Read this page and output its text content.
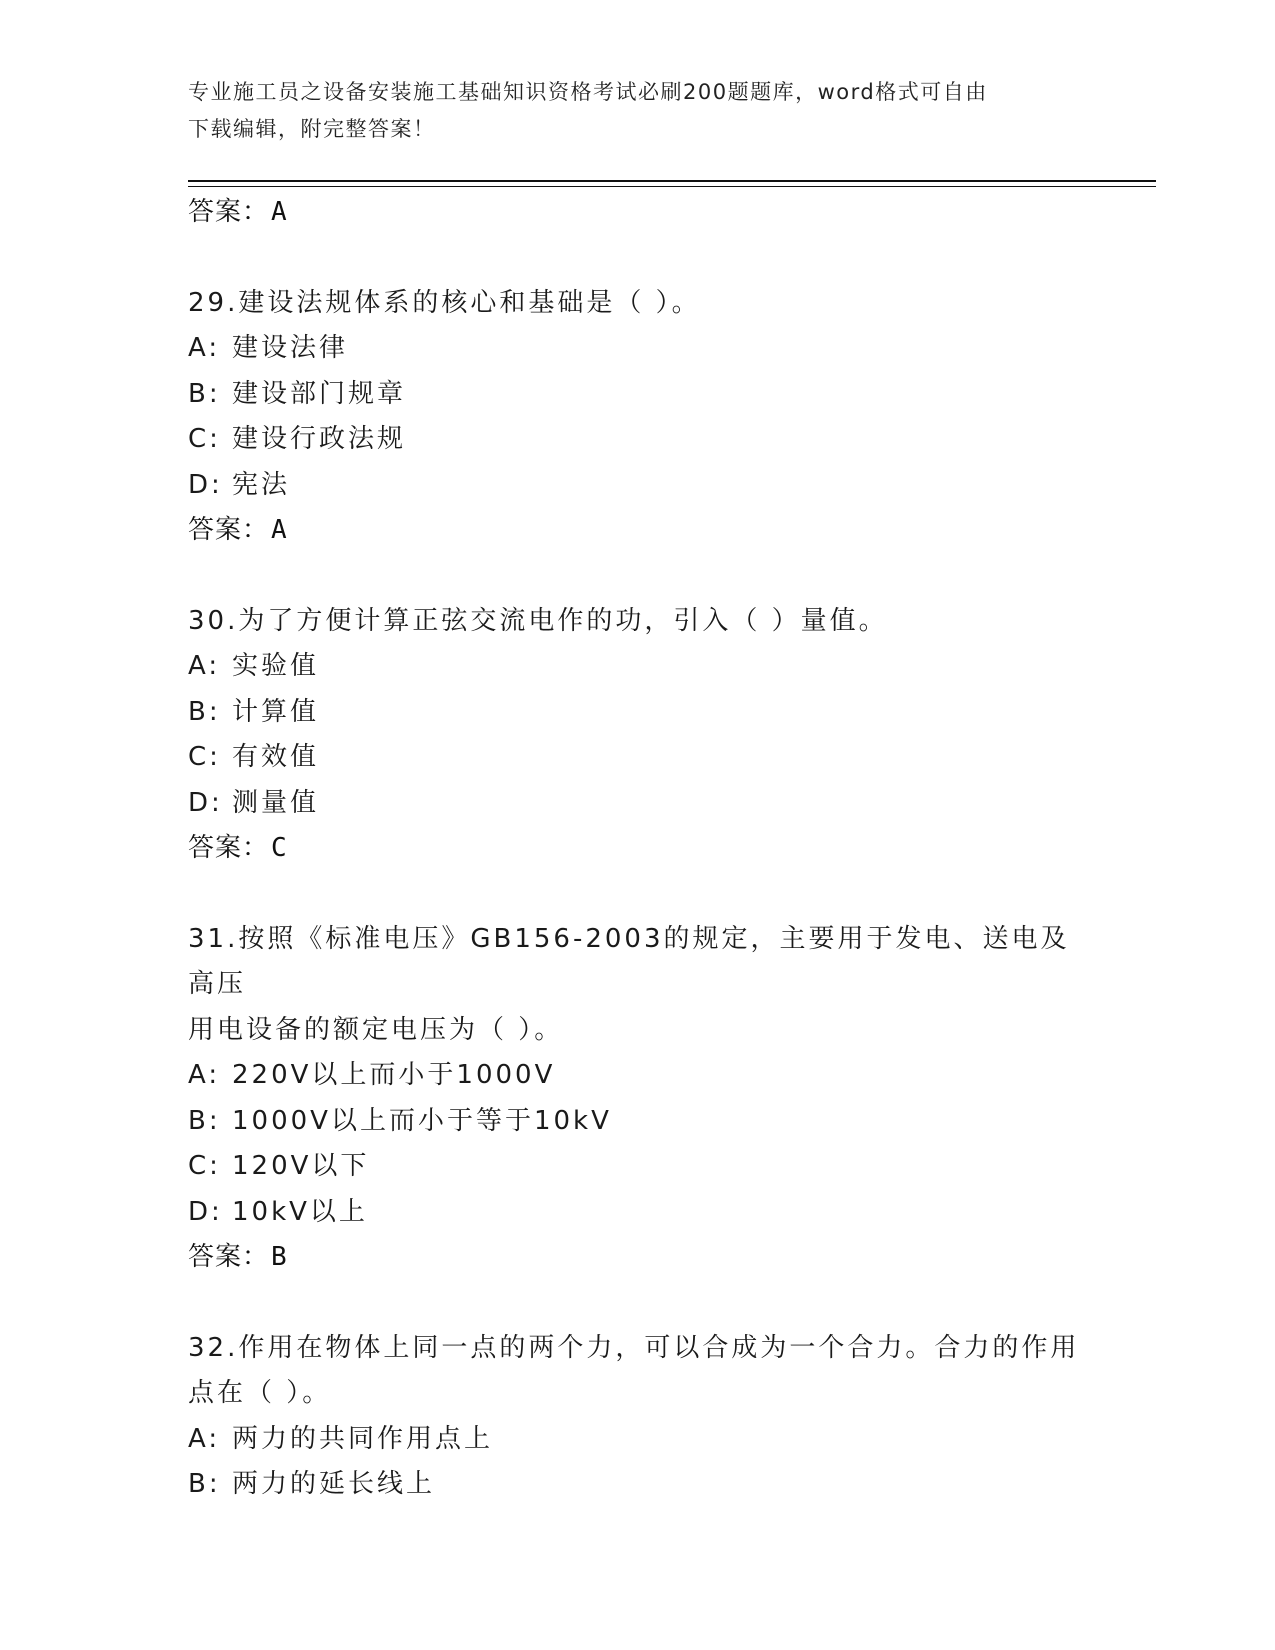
专业施工员之设备安装施工基础知识资格考试必刷200题题库，word格式可自由
下载编辑，附完整答案！
答案：A
29.建设法规体系的核心和基础是（ ）。
A: 建设法律
B: 建设部门规章
C: 建设行政法规
D: 宪法
答案：A
30.为了方便计算正弦交流电作的功，引入（ ）量值。
A: 实验值
B: 计算值
C: 有效值
D: 测量值
答案：C
31.按照《标准电压》GB156-2003的规定，主要用于发电、送电及高压
用电设备的额定电压为（ ）。
A: 220V以上而小于1000V
B: 1000V以上而小于等于10kV
C: 120V以下
D: 10kV以上
答案：B
32.作用在物体上同一点的两个力，可以合成为一个合力。合力的作用
点在（ ）。
A: 两力的共同作用点上
B: 两力的延长线上
